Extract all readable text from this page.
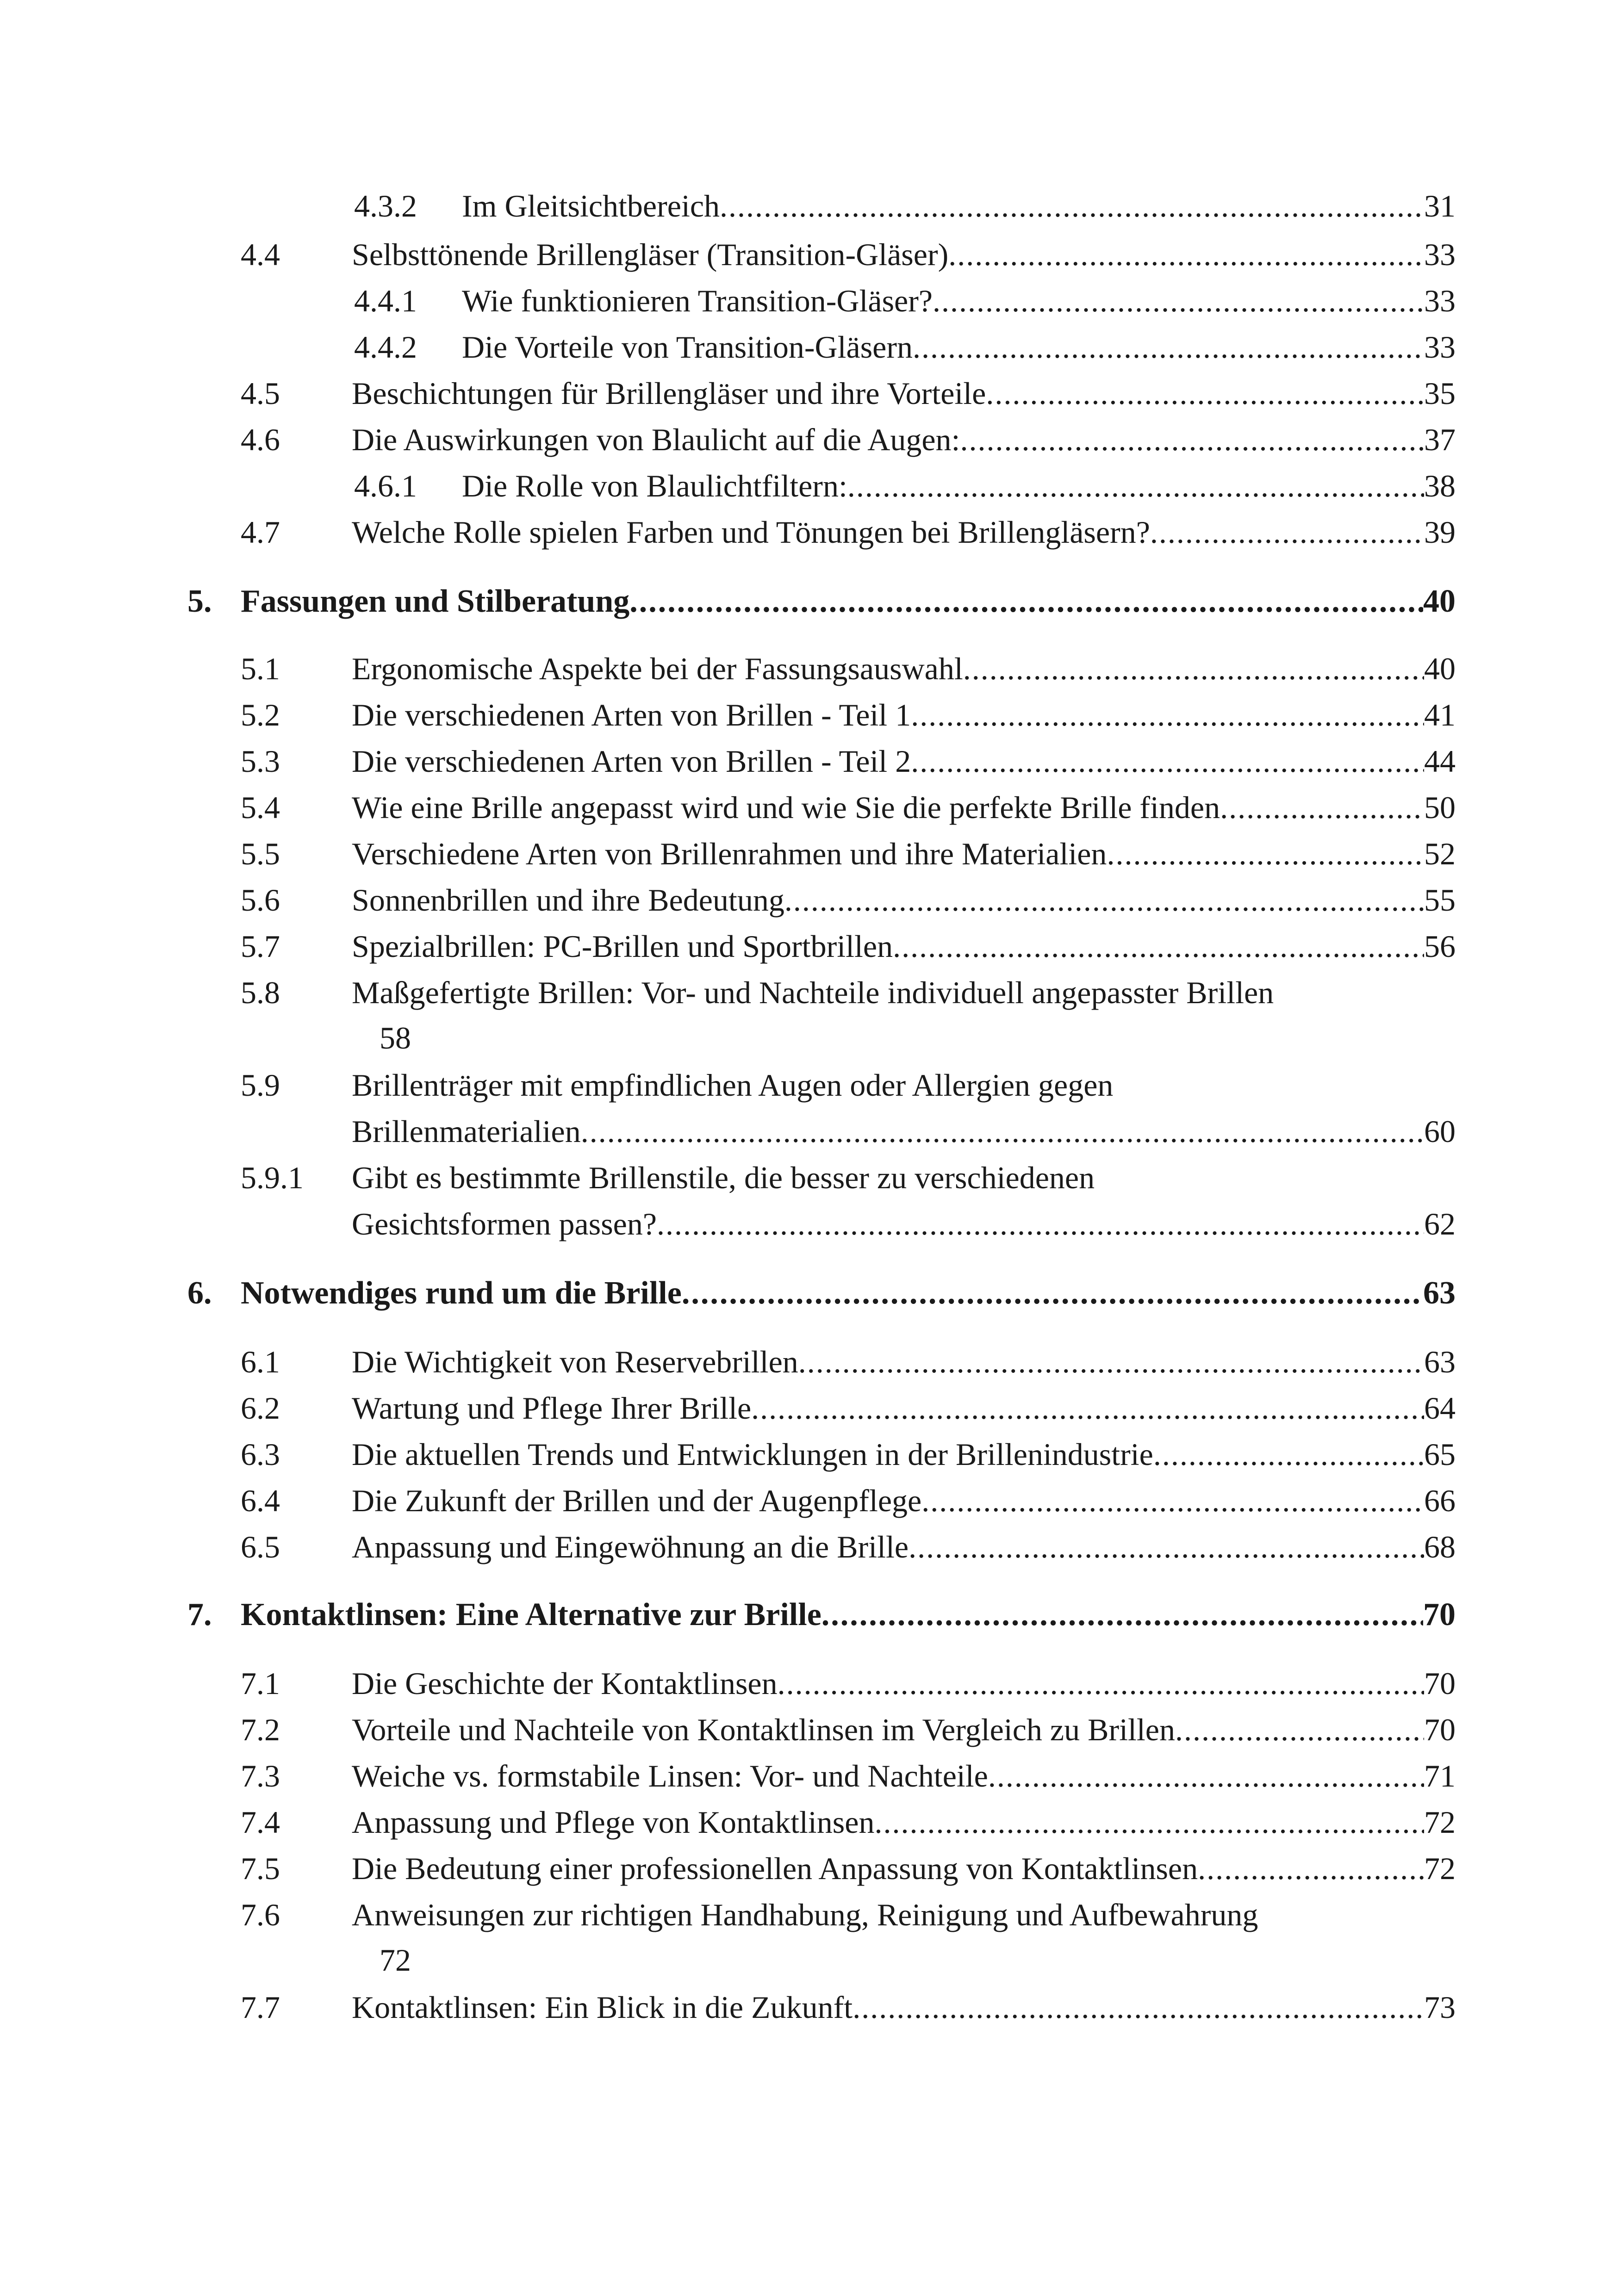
4.3.2 Im Gleitsichtbereich .....	31
4.4 Selbsttönende Brillengläser (Transition-Gläser) .....	33
4.4.1 Wie funktionieren Transition-Gläser? .....	33
4.4.2 Die Vorteile von Transition-Gläsern .....	33
4.5 Beschichtungen für Brillengläser und ihre Vorteile .....	35
4.6 Die Auswirkungen von Blaulicht auf die Augen: .....	37
4.6.1 Die Rolle von Blaulichtfiltern: .....	38
4.7 Welche Rolle spielen Farben und Tönungen bei Brillengläsern? .....	39
5. Fassungen und Stilberatung .....	40
5.1 Ergonomische Aspekte bei der Fassungsauswahl .....	40
5.2 Die verschiedenen Arten von Brillen - Teil 1 .....	41
5.3 Die verschiedenen Arten von Brillen - Teil 2 .....	44
5.4 Wie eine Brille angepasst wird und wie Sie die perfekte Brille finden .....	50
5.5 Verschiedene Arten von Brillenrahmen und ihre Materialien .....	52
5.6 Sonnenbrillen und ihre Bedeutung .....	55
5.7 Spezialbrillen: PC-Brillen und Sportbrillen .....	56
5.8 Maßgefertigte Brillen: Vor- und Nachteile individuell angepasster Brillen
58
5.9 Brillenträger mit empfindlichen Augen oder Allergien gegen
Brillenmaterialien .....	60
5.9.1 Gibt es bestimmte Brillenstile, die besser zu verschiedenen
Gesichtsformen passen? .....	62
6. Notwendiges rund um die Brille .....	63
6.1 Die Wichtigkeit von Reservebrillen .....	63
6.2 Wartung und Pflege Ihrer Brille .....	64
6.3 Die aktuellen Trends und Entwicklungen in der Brillenindustrie .....	65
6.4 Die Zukunft der Brillen und der Augenpflege .....	66
6.5 Anpassung und Eingewöhnung an die Brille .....	68
7. Kontaktlinsen: Eine Alternative zur Brille .....	70
7.1 Die Geschichte der Kontaktlinsen .....	70
7.2 Vorteile und Nachteile von Kontaktlinsen im Vergleich zu Brillen .....	70
7.3 Weiche vs. formstabile Linsen: Vor- und Nachteile .....	71
7.4 Anpassung und Pflege von Kontaktlinsen .....	72
7.5 Die Bedeutung einer professionellen Anpassung von Kontaktlinsen .....	72
7.6 Anweisungen zur richtigen Handhabung, Reinigung und Aufbewahrung
72
7.7 Kontaktlinsen: Ein Blick in die Zukunft .....	73
